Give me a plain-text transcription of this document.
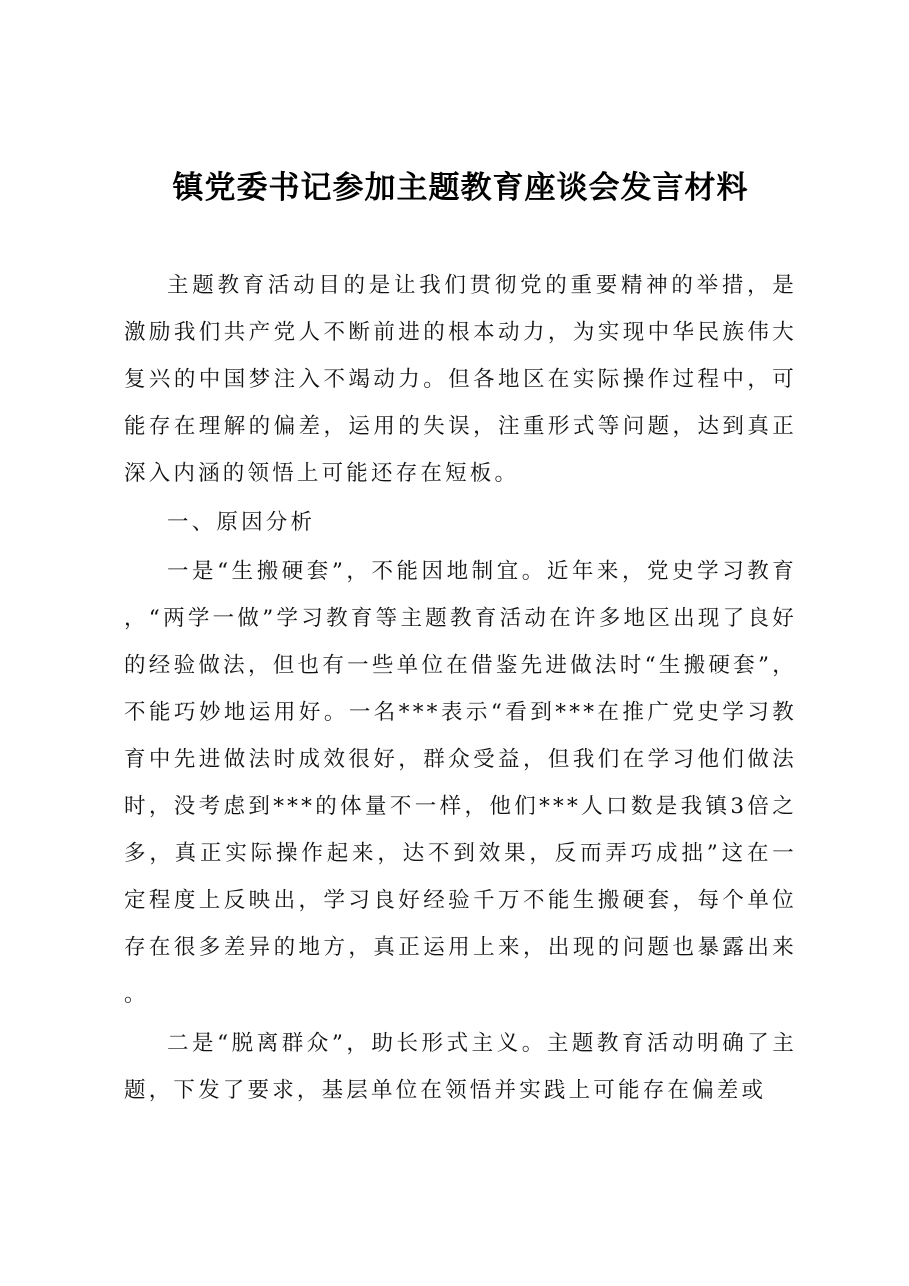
镇党委书记参加主题教育座谈会发言材料

主题教育活动目的是让我们贯彻党的重要精神的举措，是激励我们共产党人不断前进的根本动力，为实现中华民族伟大复兴的中国梦注入不竭动力。但各地区在实际操作过程中，可能存在理解的偏差，运用的失误，注重形式等问题，达到真正深入内涵的领悟上可能还存在短板。

一、原因分析

一是“生搬硬套”，不能因地制宜。近年来，党史学习教育，“两学一做”学习教育等主题教育活动在许多地区出现了良好的经验做法，但也有一些单位在借鉴先进做法时“生搬硬套”，不能巧妙地运用好。一名***表示“看到***在推广党史学习教育中先进做法时成效很好，群众受益，但我们在学习他们做法时，没考虑到***的体量不一样，他们***人口数是我镇3倍之多，真正实际操作起来，达不到效果，反而弄巧成拙”这在一定程度上反映出，学习良好经验千万不能生搬硬套，每个单位存在很多差异的地方，真正运用上来，出现的问题也暴露出来。

二是“脱离群众”，助长形式主义。主题教育活动明确了主题，下发了要求，基层单位在领悟并实践上可能存在偏差或
